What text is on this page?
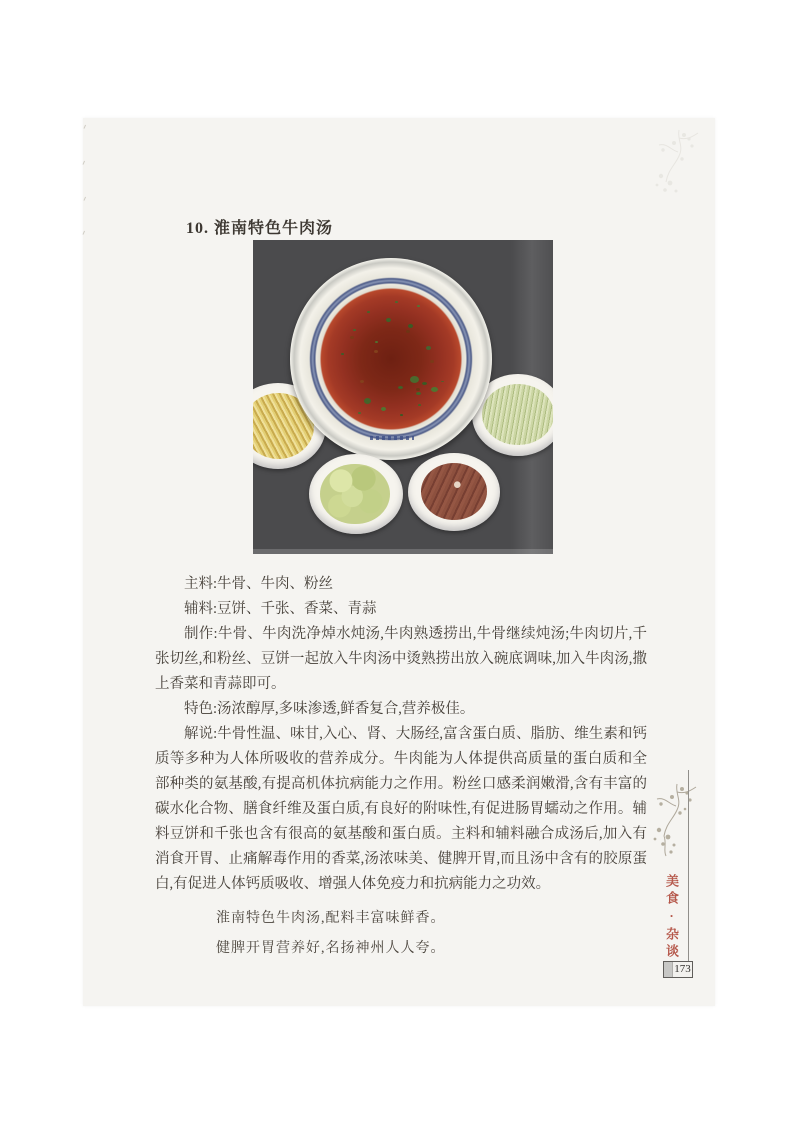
10. 淮南特色牛肉汤

主料:牛骨、牛肉、粉丝

辅料:豆饼、千张、香菜、青蒜

制作:牛骨、牛肉洗净焯水炖汤,牛肉熟透捞出,牛骨继续炖汤;牛肉切片,千张切丝,和粉丝、豆饼一起放入牛肉汤中烫熟捞出放入碗底调味,加入牛肉汤,撒上香菜和青蒜即可。

特色:汤浓醇厚,多味渗透,鲜香复合,营养极佳。

解说:牛骨性温、味甘,入心、肾、大肠经,富含蛋白质、脂肪、维生素和钙质等多种为人体所吸收的营养成分。牛肉能为人体提供高质量的蛋白质和全部种类的氨基酸,有提高机体抗病能力之作用。粉丝口感柔润嫩滑,含有丰富的碳水化合物、膳食纤维及蛋白质,有良好的附味性,有促进肠胃蠕动之作用。辅料豆饼和千张也含有很高的氨基酸和蛋白质。主料和辅料融合成汤后,加入有消食开胃、止痛解毒作用的香菜,汤浓味美、健脾开胃,而且汤中含有的胶原蛋白,有促进人体钙质吸收、增强人体免疫力和抗病能力之功效。

淮南特色牛肉汤,配料丰富味鲜香。
健脾开胃营养好,名扬神州人人夸。	美食·杂谈
173
